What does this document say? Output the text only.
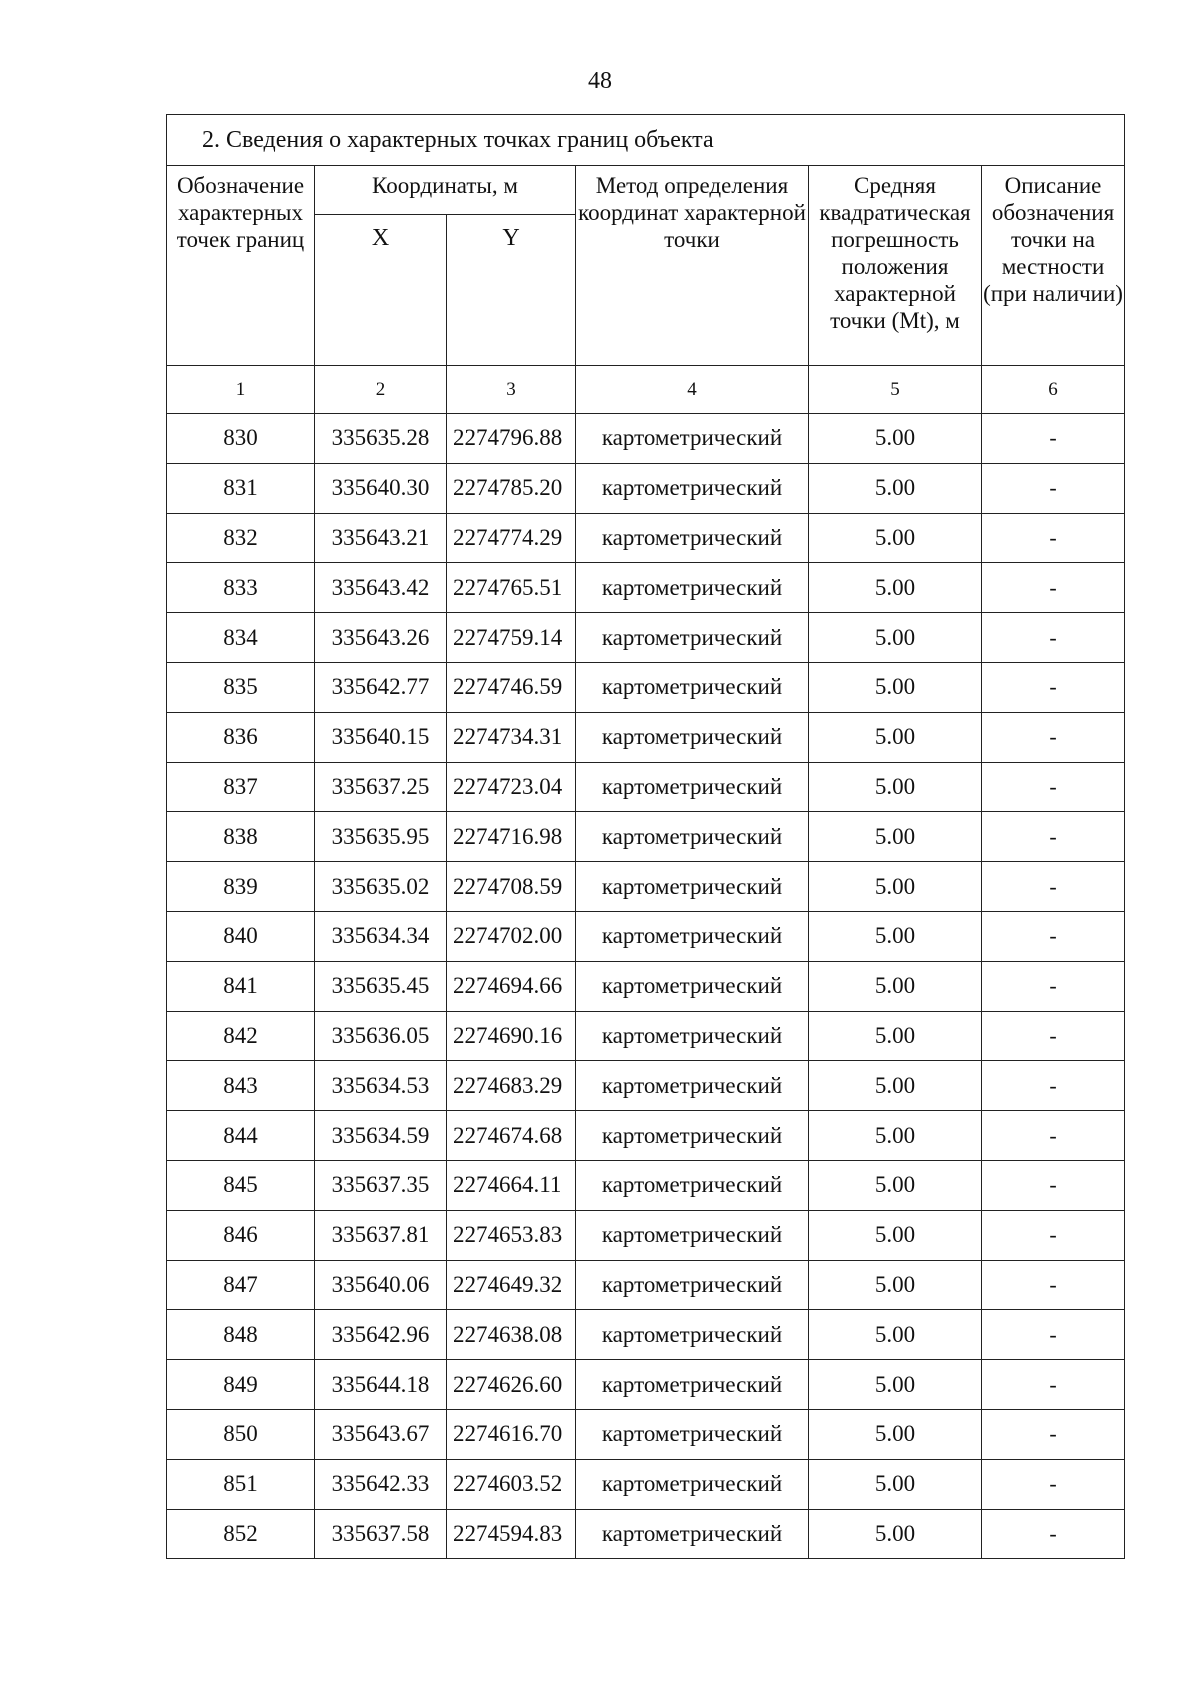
48
2. Сведения о характерных точках границ объекта					
Обозначение характерных точек границ	Координаты, м		Метод определения координат характерной точки	Средняя квадратическая погрешность положения характерной точки (Mt), м	Описание обозначения точки на местности (при наличии)
	X	Y			
1	2	3	4	5	6
830	335635.28	2274796.88	картометрический	5.00	-
831	335640.30	2274785.20	картометрический	5.00	-
832	335643.21	2274774.29	картометрический	5.00	-
833	335643.42	2274765.51	картометрический	5.00	-
834	335643.26	2274759.14	картометрический	5.00	-
835	335642.77	2274746.59	картометрический	5.00	-
836	335640.15	2274734.31	картометрический	5.00	-
837	335637.25	2274723.04	картометрический	5.00	-
838	335635.95	2274716.98	картометрический	5.00	-
839	335635.02	2274708.59	картометрический	5.00	-
840	335634.34	2274702.00	картометрический	5.00	-
841	335635.45	2274694.66	картометрический	5.00	-
842	335636.05	2274690.16	картометрический	5.00	-
843	335634.53	2274683.29	картометрический	5.00	-
844	335634.59	2274674.68	картометрический	5.00	-
845	335637.35	2274664.11	картометрический	5.00	-
846	335637.81	2274653.83	картометрический	5.00	-
847	335640.06	2274649.32	картометрический	5.00	-
848	335642.96	2274638.08	картометрический	5.00	-
849	335644.18	2274626.60	картометрический	5.00	-
850	335643.67	2274616.70	картометрический	5.00	-
851	335642.33	2274603.52	картометрический	5.00	-
852	335637.58	2274594.83	картометрический	5.00	-
